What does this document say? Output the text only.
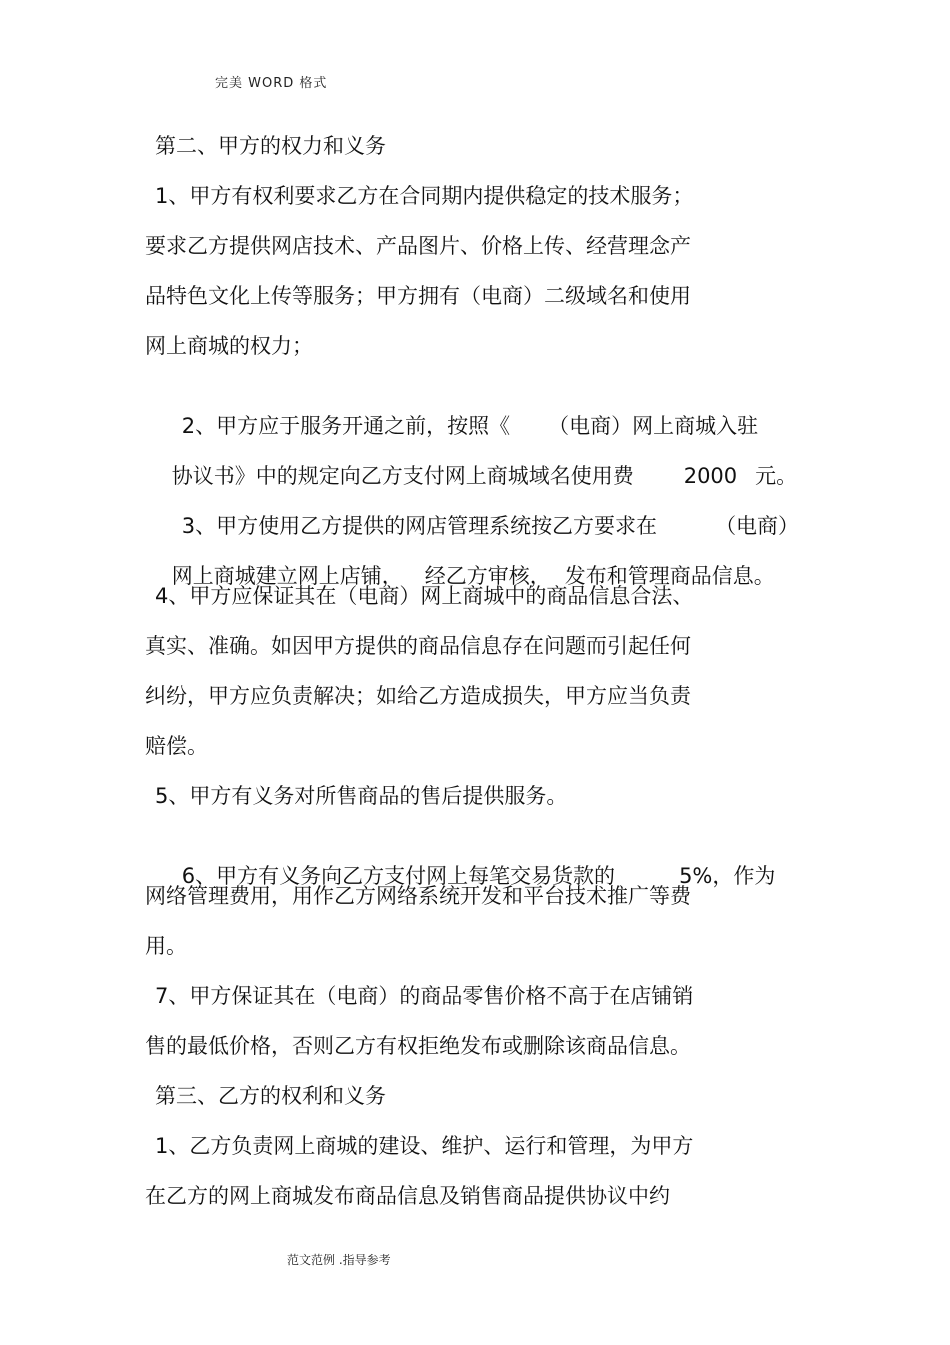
完美 WORD 格式
第二、甲方的权力和义务
1、甲方有权利要求乙方在合同期内提供稳定的技术服务；
要求乙方提供网店技术、产品图片、价格上传、经营理念产
品特色文化上传等服务；甲方拥有（电商）二级域名和使用
网上商城的权力；

2、甲方应于服务开通之前，按照《 （电商）网上商城入驻

协议书》中的规定向乙方支付网上商城域名使用费 2000 元。

3、甲方使用乙方提供的网店管理系统按乙方要求在	（电商）

网上商城建立网上店铺， 经乙方审核， 发布和管理商品信息。

4、甲方应保证其在（电商）网上商城中的商品信息合法、
真实、准确。如因甲方提供的商品信息存在问题而引起任何
纠纷，甲方应负责解决；如给乙方造成损失，甲方应当负责
赔偿。
5、甲方有义务对所售商品的售后提供服务。

6、甲方有义务向乙方支付网上每笔交易货款的	5%，作为

网络管理费用，用作乙方网络系统开发和平台技术推广等费
用。
7、甲方保证其在（电商）的商品零售价格不高于在店铺销
售的最低价格，否则乙方有权拒绝发布或删除该商品信息。
第三、乙方的权利和义务
1、乙方负责网上商城的建设、维护、运行和管理，为甲方
在乙方的网上商城发布商品信息及销售商品提供协议中约
范文范例 .指导参考
